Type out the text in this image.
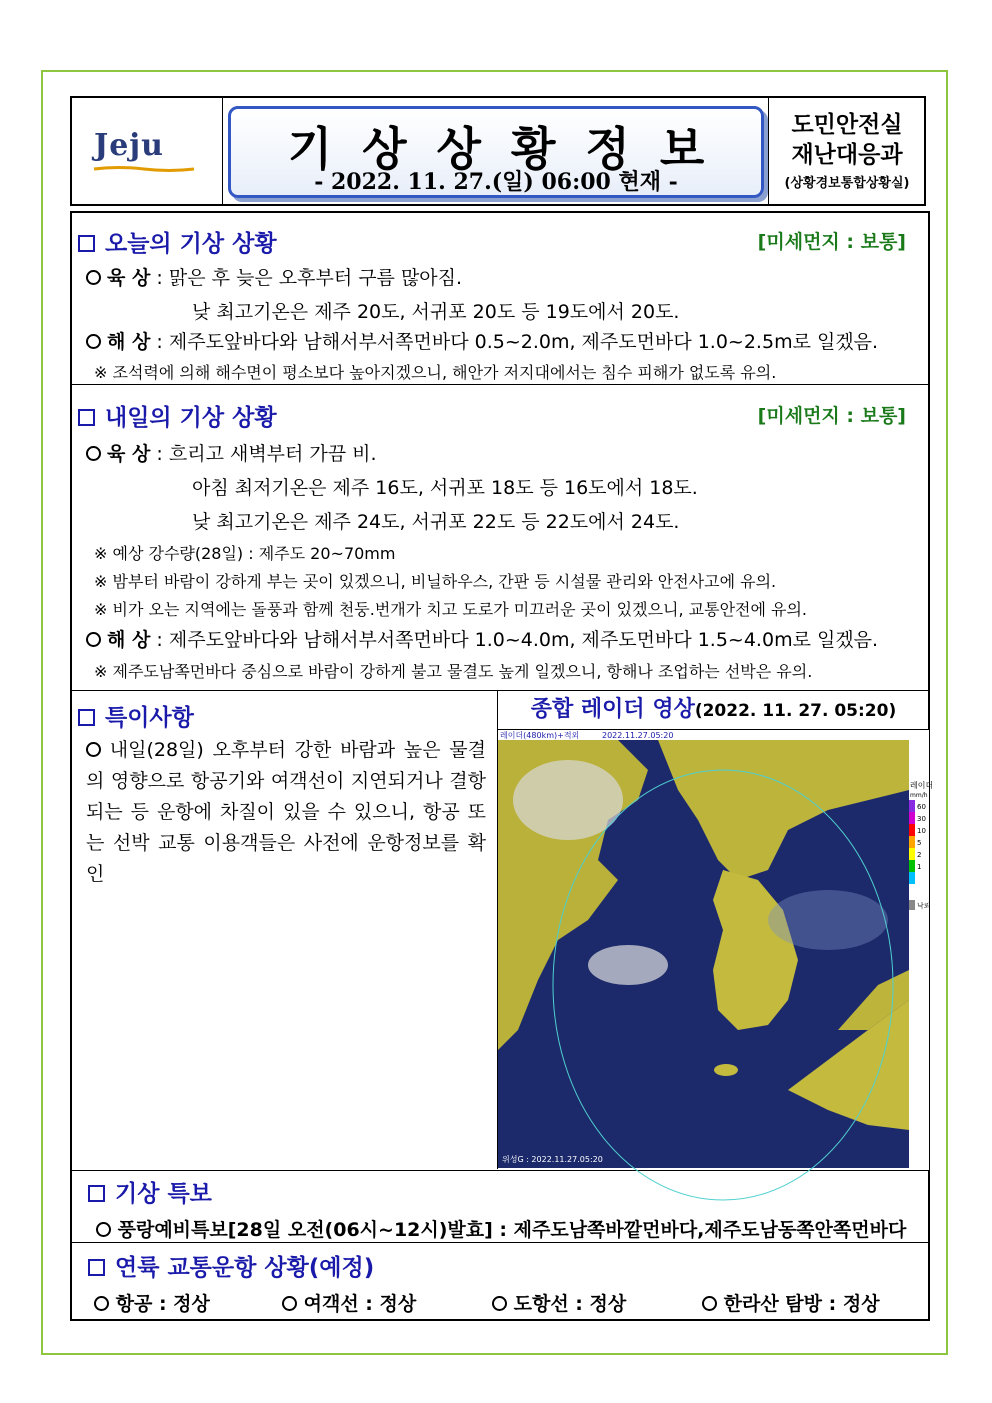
Jeju	기상상황정보
- 2022. 11. 27.(일) 06:00 현재 -
도민안전실
재난대응과
(상황경보통합상황실)
오늘의 기상 상황	[미세먼지 : 보통]
육 상 : 맑은 후 늦은 오후부터 구름 많아짐.
낮 최고기온은 제주 20도, 서귀포 20도 등 19도에서 20도.
해 상 : 제주도앞바다와 남해서부서쪽먼바다 0.5~2.0m, 제주도먼바다 1.0~2.5m로 일겠음.
※ 조석력에 의해 해수면이 평소보다 높아지겠으니, 해안가 저지대에서는 침수 피해가 없도록 유의.
내일의 기상 상황	[미세먼지 : 보통]
육 상 : 흐리고 새벽부터 가끔 비.
아침 최저기온은 제주 16도, 서귀포 18도 등 16도에서 18도.
낮 최고기온은 제주 24도, 서귀포 22도 등 22도에서 24도.
※ 예상 강수량(28일) : 제주도 20~70mm
※ 밤부터 바람이 강하게 부는 곳이 있겠으니, 비닐하우스, 간판 등 시설물 관리와 안전사고에 유의.
※ 비가 오는 지역에는 돌풍과 함께 천둥.번개가 치고 도로가 미끄러운 곳이 있겠으니, 교통안전에 유의.
해 상 : 제주도앞바다와 남해서부서쪽먼바다 1.0~4.0m, 제주도먼바다 1.5~4.0m로 일겠음.
※ 제주도남쪽먼바다 중심으로 바람이 강하게 불고 물결도 높게 일겠으니, 항해나 조업하는 선박은 유의.
특이사항
내일(28일) 오후부터 강한 바람과 높은 물결의 영향으로 항공기와 여객선이 지연되거나 결항되는 등 운항에 차질이 있을 수 있으니, 항공 또는 선박 교통 이용객들은 사전에 운항정보를 확인
종합 레이더 영상(2022. 11. 27. 05:20)
레이더
mm/h
60
30
10
5
2
1
낙뢰
레이더(480km)+적외	2022.11.27.05:20
위성G : 2022.11.27.05:20
기상 특보
풍랑예비특보[28일 오전(06시~12시)발효] : 제주도남쪽바깥먼바다,제주도남동쪽안쪽먼바다
연륙 교통운항 상황(예정)
항공 : 정상	여객선 : 정상	도항선 : 정상	한라산 탐방 : 정상
